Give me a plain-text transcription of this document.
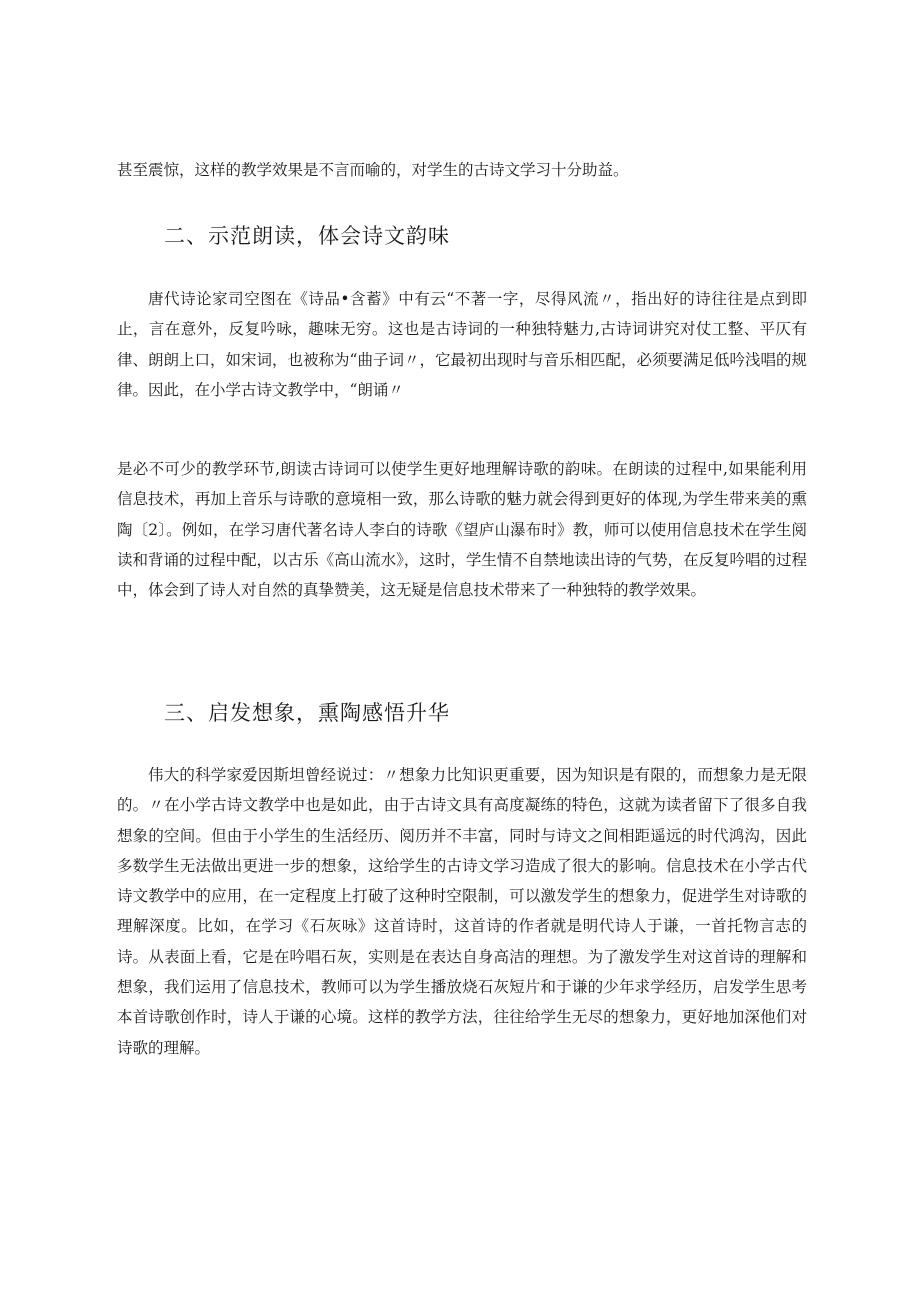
甚至震惊，这样的教学效果是不言而喻的，对学生的古诗文学习十分助益。

二、示范朗读，体会诗文韵味

唐代诗论家司空图在《诗品•含蓄》中有云“不著一字，尽得风流〃，指出好的诗往往是点到即止，言在意外，反复吟咏，趣味无穷。这也是古诗词的一种独特魅力,古诗词讲究对仗工整、平仄有律、朗朗上口，如宋词，也被称为“曲子词〃，它最初出现时与音乐相匹配，必须要满足低吟浅唱的规律。因此，在小学古诗文教学中，“朗诵〃

是必不可少的教学环节,朗读古诗词可以使学生更好地理解诗歌的韵味。在朗读的过程中,如果能利用信息技术，再加上音乐与诗歌的意境相一致，那么诗歌的魅力就会得到更好的体现,为学生带来美的熏陶〔2〕。例如，在学习唐代著名诗人李白的诗歌《望庐山瀑布时》教，师可以使用信息技术在学生阅读和背诵的过程中配，以古乐《高山流水》，这时，学生情不自禁地读出诗的气势，在反复吟唱的过程中，体会到了诗人对自然的真挚赞美，这无疑是信息技术带来了一种独特的教学效果。

三、启发想象，熏陶感悟升华

伟大的科学家爱因斯坦曾经说过：〃想象力比知识更重要，因为知识是有限的，而想象力是无限的。〃在小学古诗文教学中也是如此，由于古诗文具有高度凝练的特色，这就为读者留下了很多自我想象的空间。但由于小学生的生活经历、阅历并不丰富，同时与诗文之间相距遥远的时代鸿沟，因此多数学生无法做出更进一步的想象，这给学生的古诗文学习造成了很大的影响。信息技术在小学古代诗文教学中的应用，在一定程度上打破了这种时空限制，可以激发学生的想象力，促进学生对诗歌的理解深度。比如，在学习《石灰咏》这首诗时，这首诗的作者就是明代诗人于谦，一首托物言志的诗。从表面上看，它是在吟唱石灰，实则是在表达自身高洁的理想。为了激发学生对这首诗的理解和想象，我们运用了信息技术，教师可以为学生播放烧石灰短片和于谦的少年求学经历，启发学生思考本首诗歌创作时，诗人于谦的心境。这样的教学方法，往往给学生无尽的想象力，更好地加深他们对诗歌的理解。
